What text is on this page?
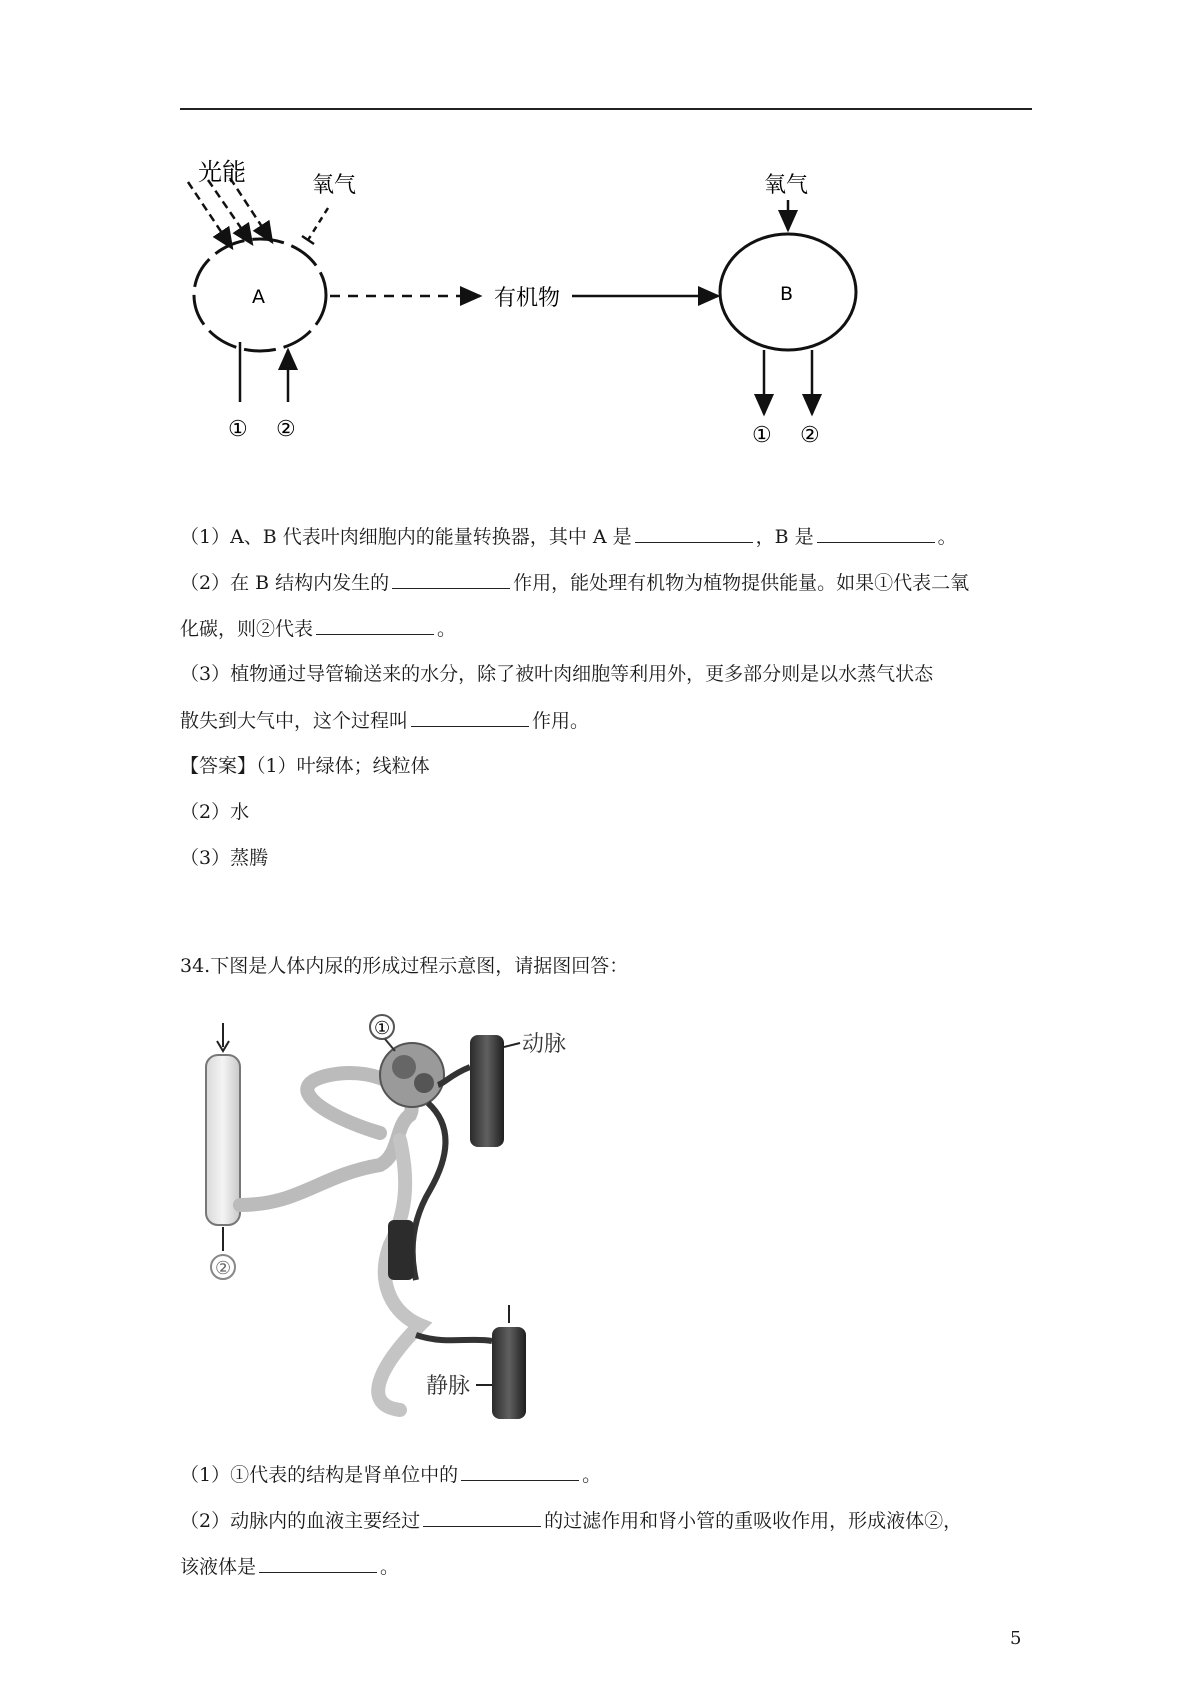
光能	氧气
A
① ②
有机物	B
氧气
① ②
（1）A、B 代表叶肉细胞内的能量转换器，其中 A 是	，B 是	。
（2）在 B 结构内发生的	作用，能处理有机物为植物提供能量。如果①代表二氧
化碳，则②代表	。
（3）植物通过导管输送来的水分，除了被叶肉细胞等利用外，更多部分则是以水蒸气状态
散失到大气中，这个过程叫	作用。
【答案】（1）叶绿体；线粒体
（2）水
（3）蒸腾
34.下图是人体内尿的形成过程示意图，请据图回答：
②
①
动脉
静脉
（1）①代表的结构是肾单位中的	。
（2）动脉内的血液主要经过	的过滤作用和肾小管的重吸收作用，形成液体②，
该液体是	。
5
